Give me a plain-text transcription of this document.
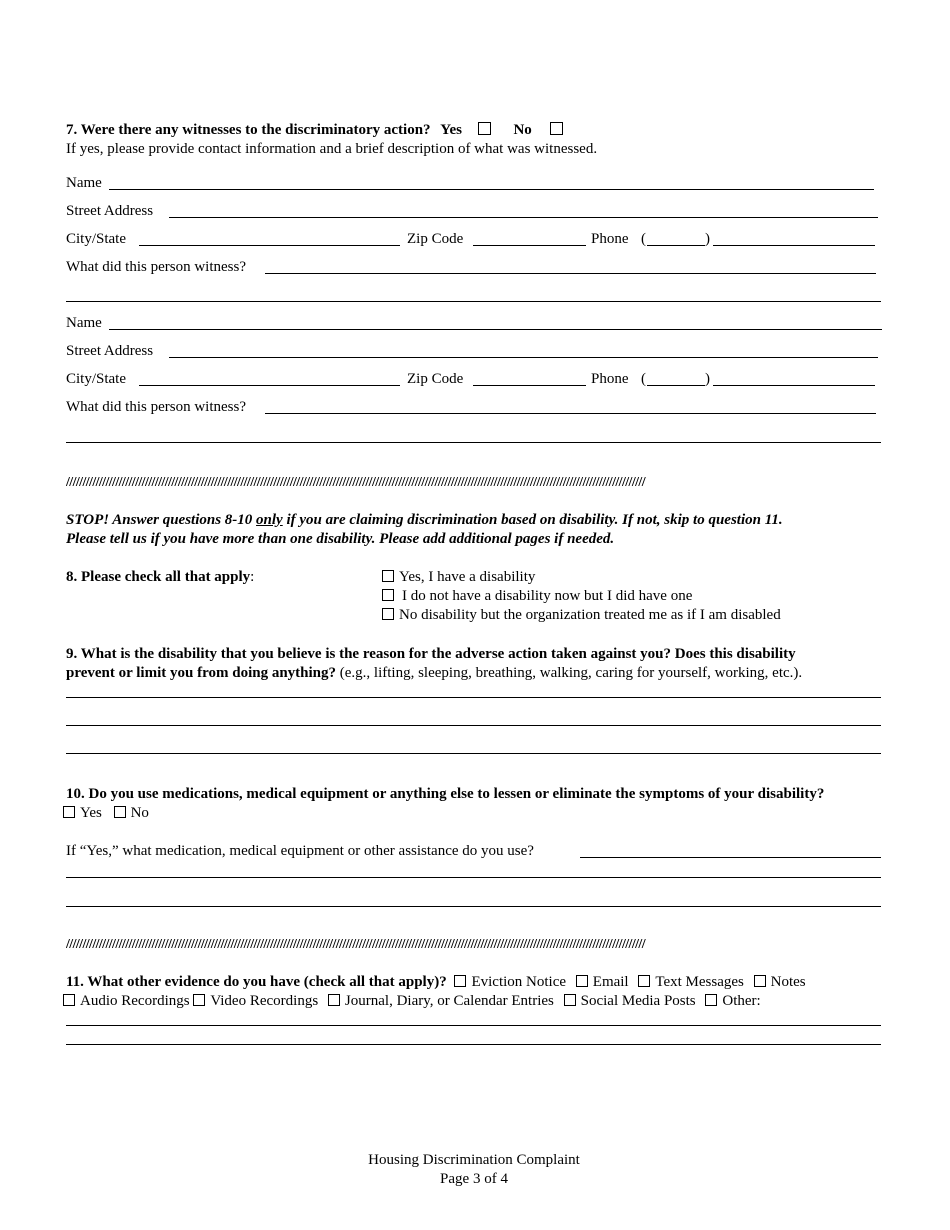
7. Were there any witnesses to the discriminatory action? Yes	No
If yes, please provide contact information and a brief description of what was witnessed.
Name
Street Address
City/State	Zip Code	Phone (	)
What did this person witness?
Name
Street Address
City/State	Zip Code	Phone (	)
What did this person witness?
////////////////////////////////////////////////////////////////////////////////////////////////////////////////////////////////////////////////////////////////////////////////
STOP! Answer questions 8-10 only if you are claiming discrimination based on disability. If not, skip to question 11.
Please tell us if you have more than one disability. Please add additional pages if needed.
8. Please check all that apply:	Yes, I have a disability
I do not have a disability now but I did have one
No disability but the organization treated me as if I am disabled
9. What is the disability that you believe is the reason for the adverse action taken against you? Does this disability
prevent or limit you from doing anything? (e.g., lifting, sleeping, breathing, walking, caring for yourself, working, etc.).
10. Do you use medications, medical equipment or anything else to lessen or eliminate the symptoms of your disability?
Yes No
If “Yes,” what medication, medical equipment or other assistance do you use?
////////////////////////////////////////////////////////////////////////////////////////////////////////////////////////////////////////////////////////////////////////////////
11. What other evidence do you have (check all that apply)? Eviction Notice Email Text Messages Notes
Audio Recordings Video Recordings Journal, Diary, or Calendar Entries Social Media Posts Other:
Housing Discrimination Complaint
Page 3 of 4
